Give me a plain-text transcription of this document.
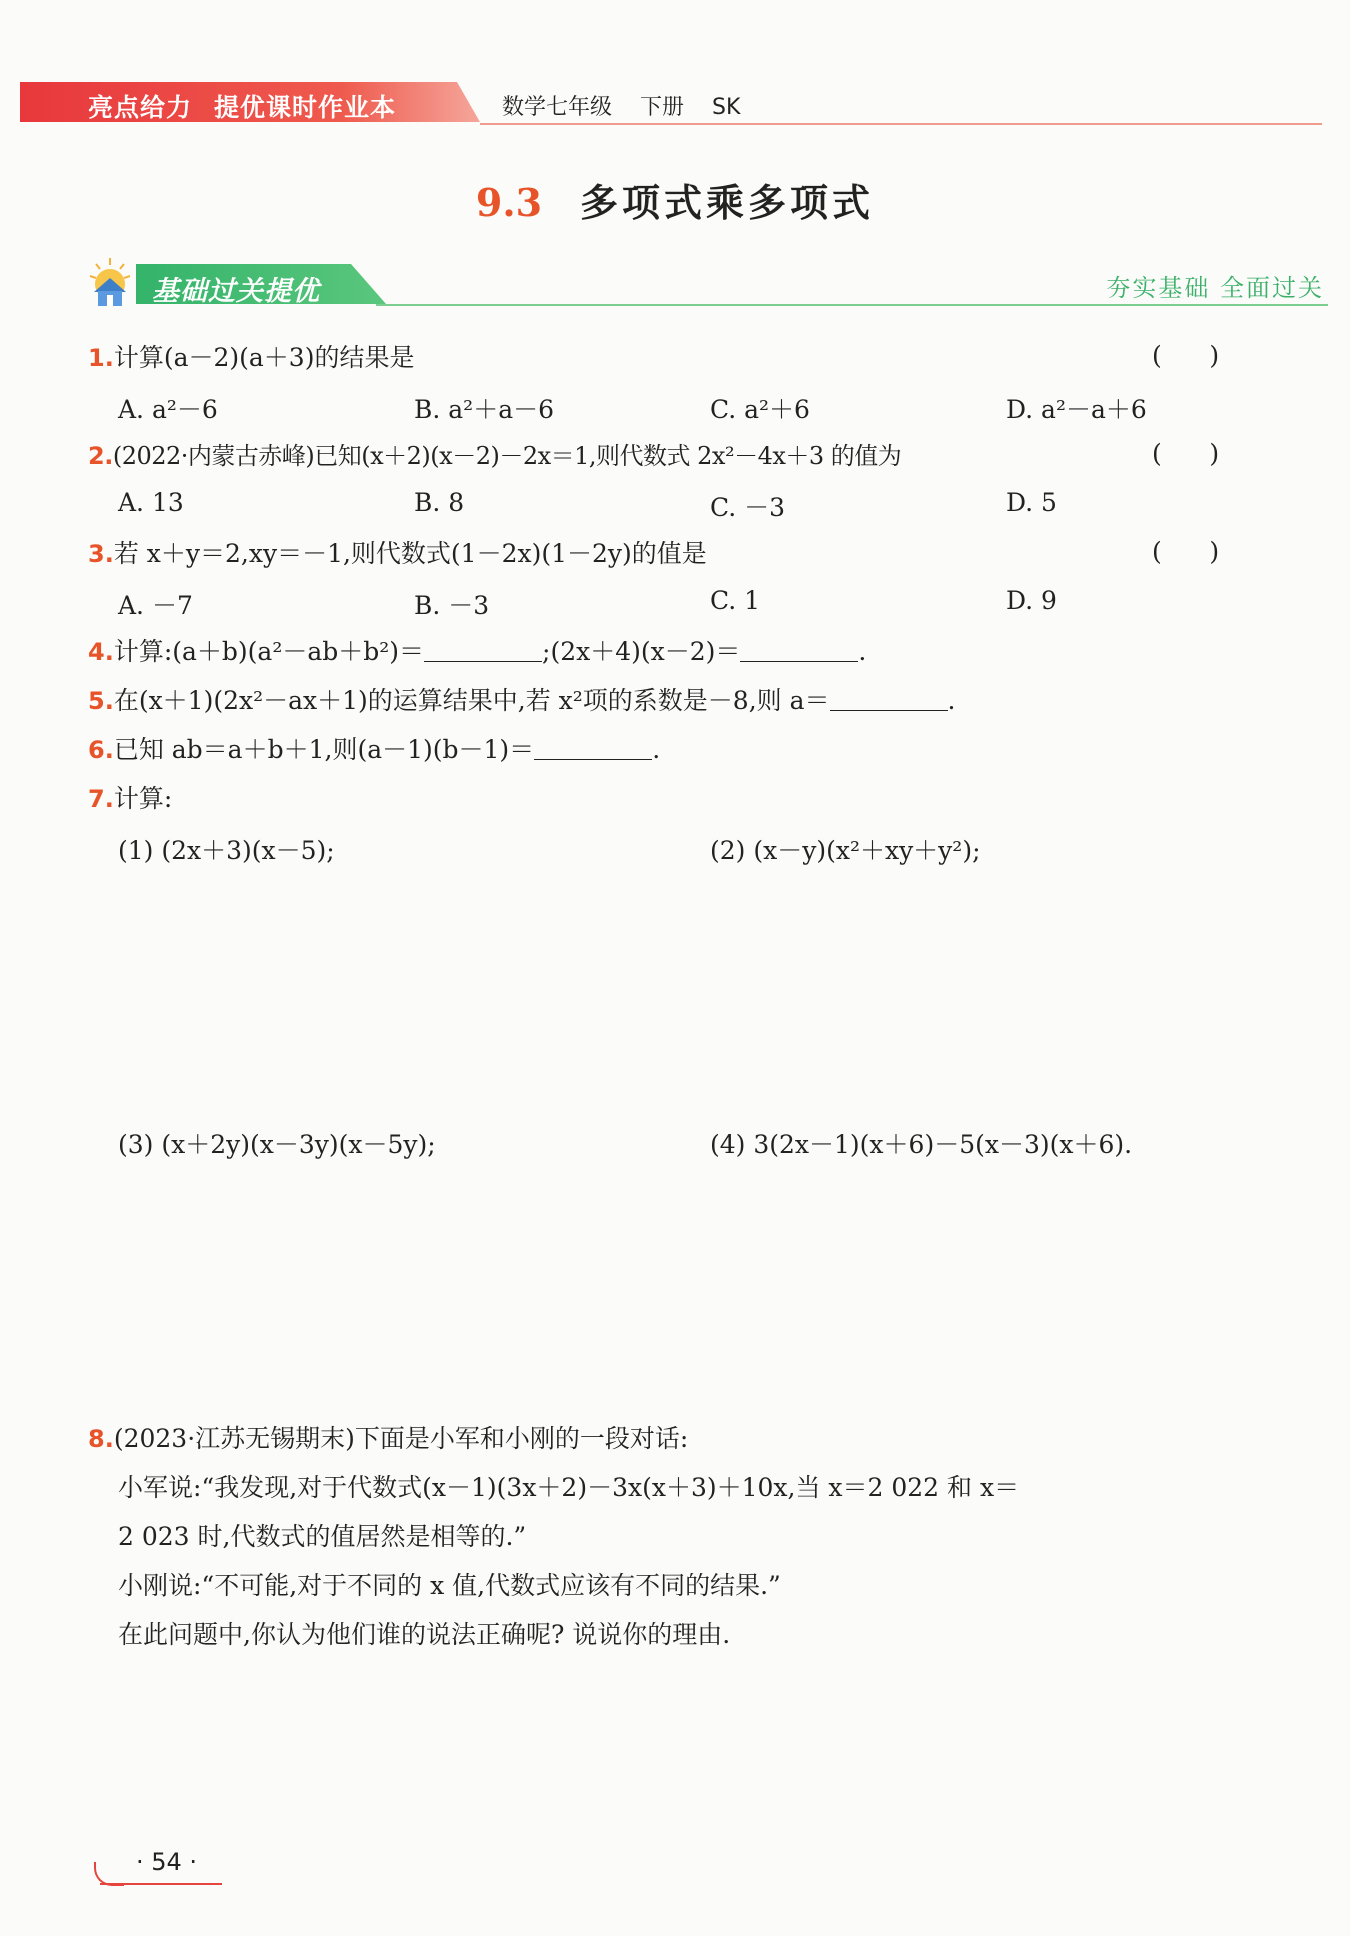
亮点给力 提优课时作业本	数学七年级 下册 SK
9.3 多项式乘多项式
基础过关提优	夯实基础 全面过关
1.计算(a－2)(a＋3)的结果是	(      )
A. a²－6	B. a²＋a－6	C. a²＋6	D. a²－a＋6
2.(2022·内蒙古赤峰)已知(x＋2)(x－2)－2x＝1,则代数式 2x²－4x＋3 的值为	(      )
A. 13	B. 8	C. －3	D. 5
3.若 x＋y＝2,xy＝－1,则代数式(1－2x)(1－2y)的值是	(      )
A. －7	B. －3	C. 1	D. 9
4.计算:(a＋b)(a²－ab＋b²)＝	;(2x＋4)(x－2)＝	.
5.在(x＋1)(2x²－ax＋1)的运算结果中,若 x²项的系数是－8,则 a＝	.
6.已知 ab＝a＋b＋1,则(a－1)(b－1)＝	.
7.计算:
(1) (2x＋3)(x－5);	(2) (x－y)(x²＋xy＋y²);
(3) (x＋2y)(x－3y)(x－5y);	(4) 3(2x－1)(x＋6)－5(x－3)(x＋6).
8.(2023·江苏无锡期末)下面是小军和小刚的一段对话:
小军说:“我发现,对于代数式(x－1)(3x＋2)－3x(x＋3)＋10x,当 x＝2 022 和 x＝
2 023 时,代数式的值居然是相等的.”
小刚说:“不可能,对于不同的 x 值,代数式应该有不同的结果.”
在此问题中,你认为他们谁的说法正确呢? 说说你的理由.
· 54 ·
